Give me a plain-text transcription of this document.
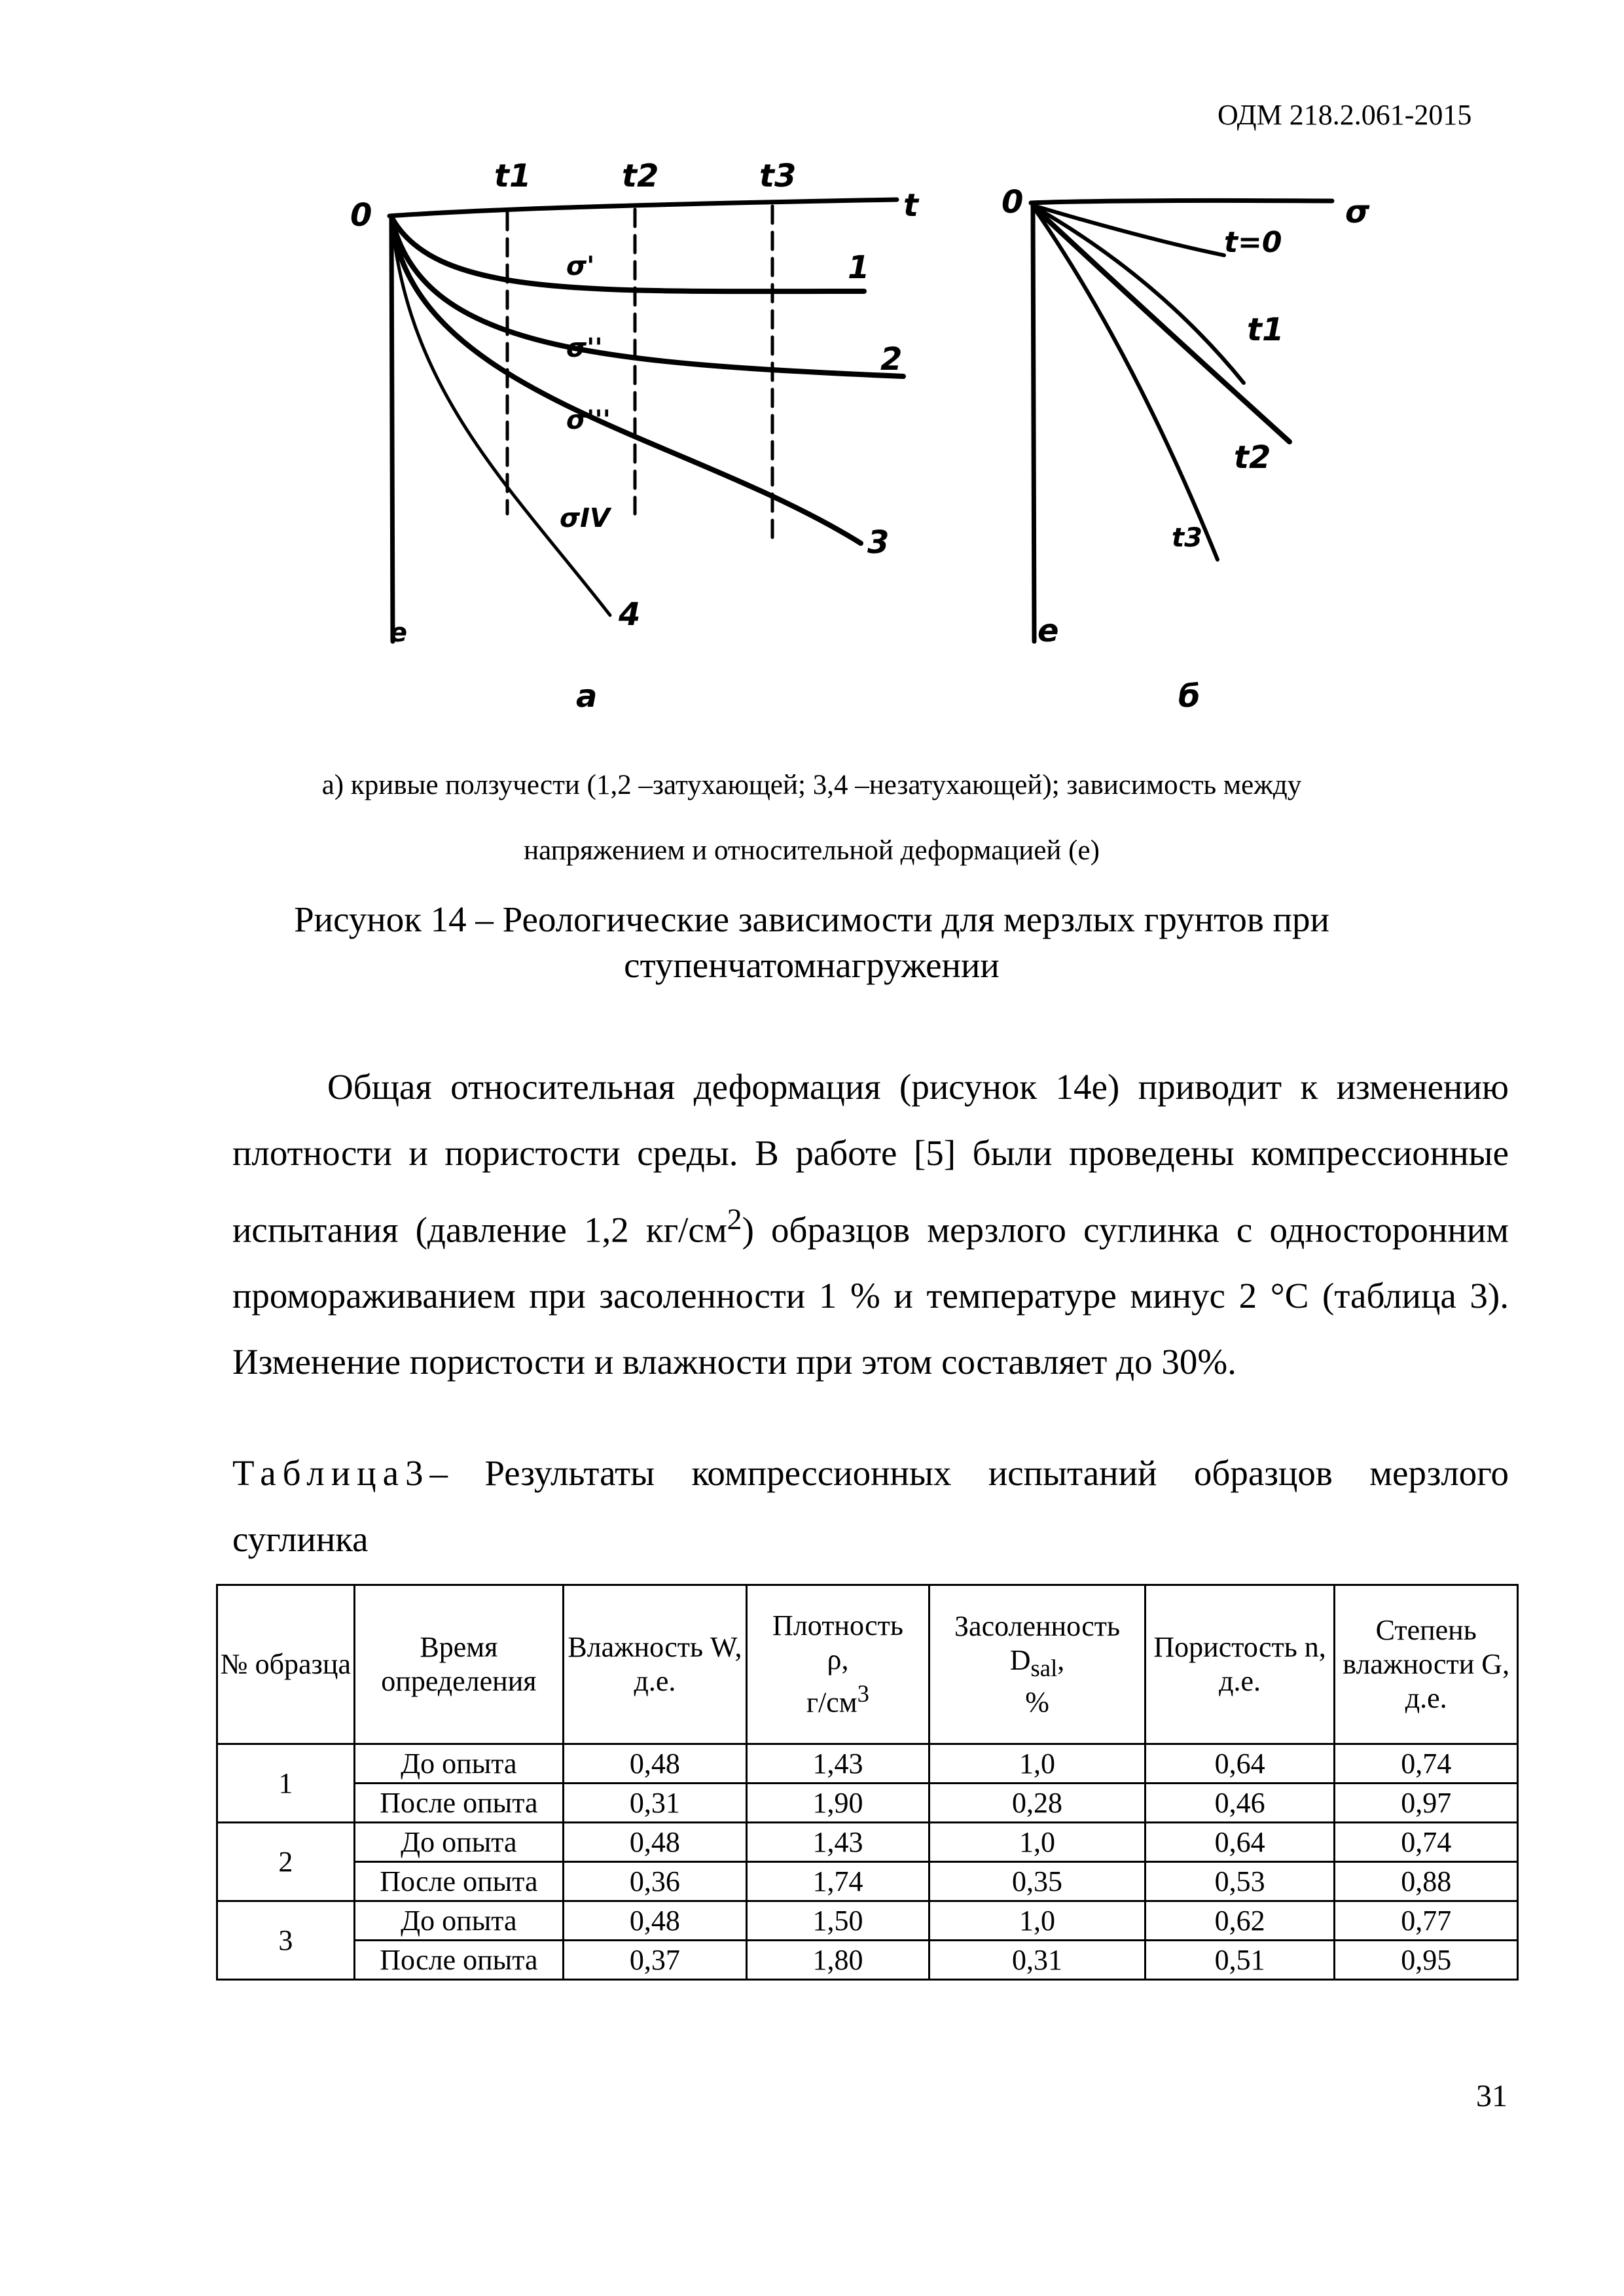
ОДМ 218.2.061-2015
0	t
e
a
t1	t2	t3
1
2
3
4
σ'
σ''
σ'''
σIV
0	σ
e
б
t=0
t1
t2
t3
а) кривые ползучести (1,2 –затухающей; 3,4 –незатухающей); зависимость между
напряжением и относительной деформацией (е)
Рисунок 14 – Реологические зависимости для мерзлых грунтов при
ступенчатомнагружении

Общая относительная деформация (рисунок 14е) приводит к изменению плотности и пористости среды. В работе [5] были проведены компрессионные испытания (давление 1,2 $кг/см^2$) образцов мерзлого суглинка с односторонним промораживанием при засоленности 1 % и температуре минус 2 °С (таблица 3). Изменение пористости и влажности при этом составляет до 30%.

Таблица3– Результаты компрессионных испытаний образцов мерзлого суглинка
№ образца	Время определения	Влажность W, д.е.	Плотность
ρ,
$г/см^3$	Засоленность
$D_{sal}$,
%	Пористость n, д.е.	Степень влажности G, д.е.
1	До опыта	0,48	1,43	1,0	0,64	0,74
	После опыта	0,31	1,90	0,28	0,46	0,97
2	До опыта	0,48	1,43	1,0	0,64	0,74
	После опыта	0,36	1,74	0,35	0,53	0,88
3	До опыта	0,48	1,50	1,0	0,62	0,77
	После опыта	0,37	1,80	0,31	0,51	0,95
31
